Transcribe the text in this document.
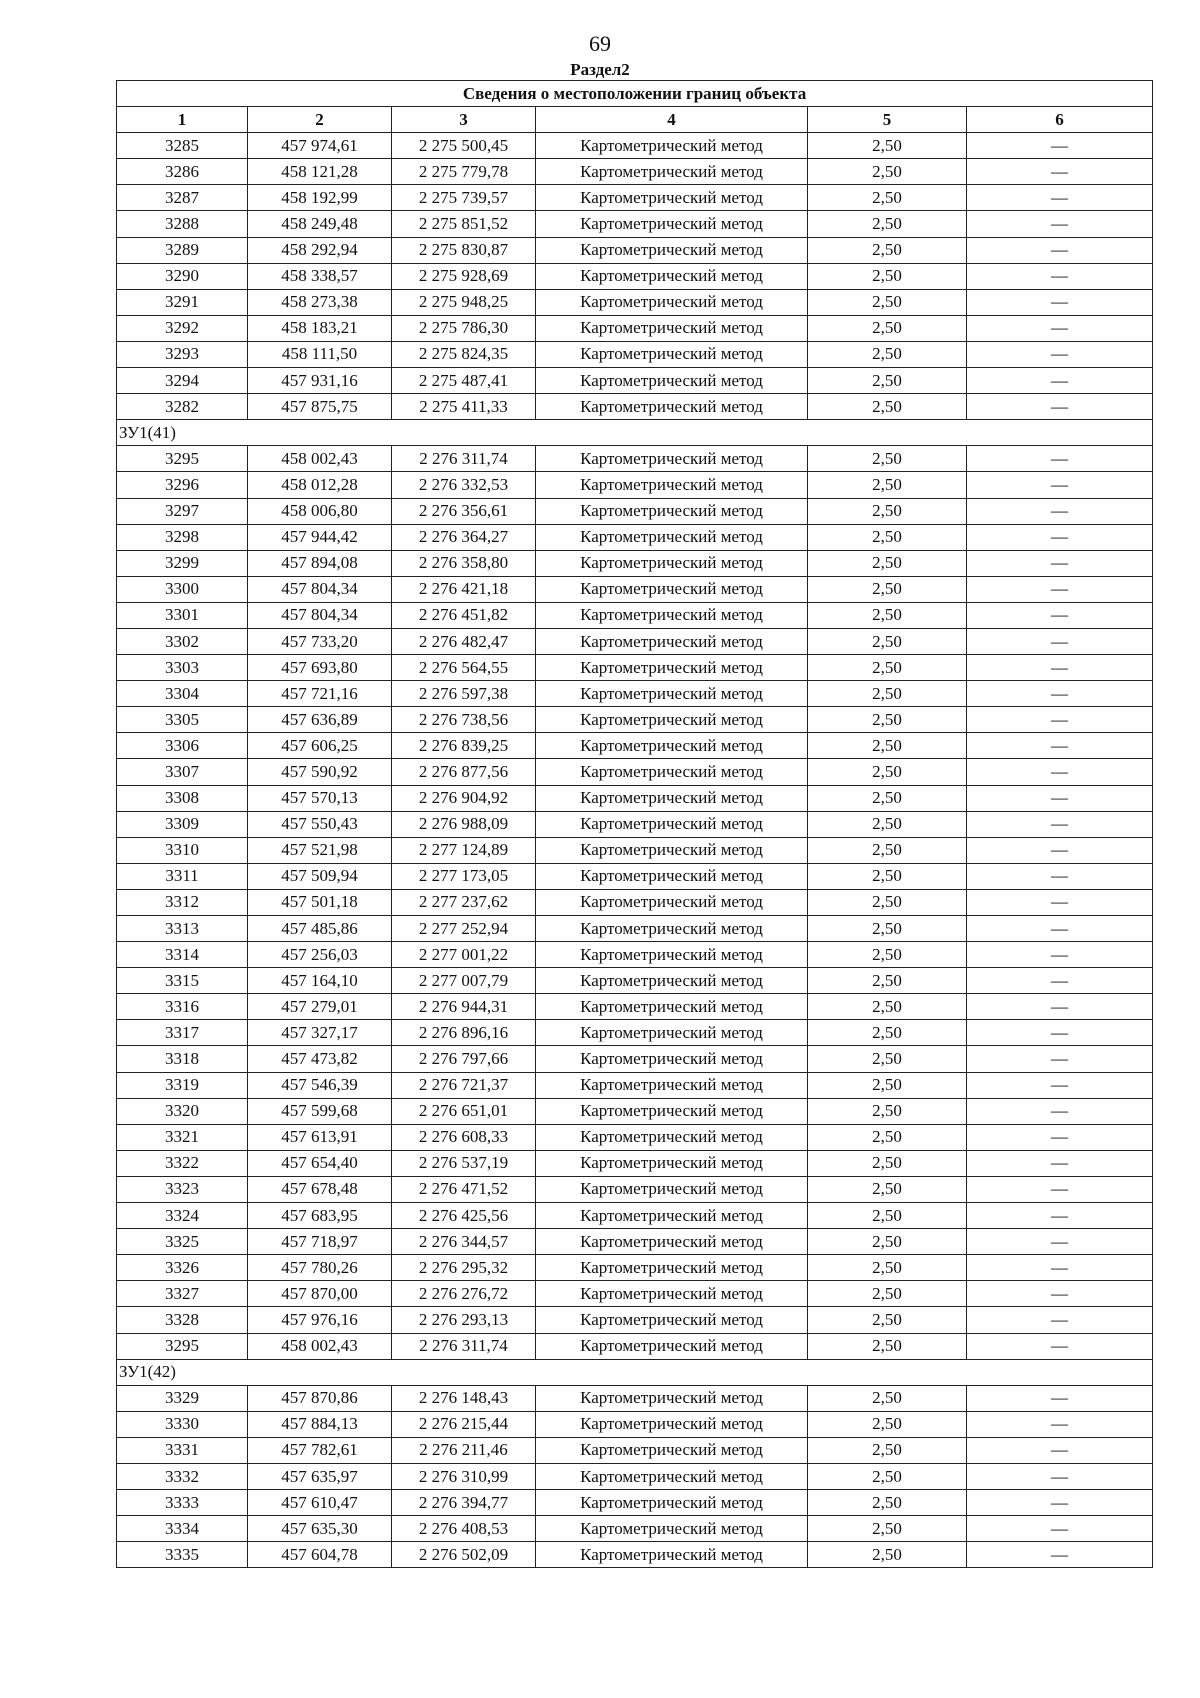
69
Раздел2
Сведения о местоположении границ объекта					
1	2	3	4	5	6
3285	457 974,61	2 275 500,45	Картометрический метод	2,50	—
3286	458 121,28	2 275 779,78	Картометрический метод	2,50	—
3287	458 192,99	2 275 739,57	Картометрический метод	2,50	—
3288	458 249,48	2 275 851,52	Картометрический метод	2,50	—
3289	458 292,94	2 275 830,87	Картометрический метод	2,50	—
3290	458 338,57	2 275 928,69	Картометрический метод	2,50	—
3291	458 273,38	2 275 948,25	Картометрический метод	2,50	—
3292	458 183,21	2 275 786,30	Картометрический метод	2,50	—
3293	458 111,50	2 275 824,35	Картометрический метод	2,50	—
3294	457 931,16	2 275 487,41	Картометрический метод	2,50	—
3282	457 875,75	2 275 411,33	Картометрический метод	2,50	—
ЗУ1(41)					
3295	458 002,43	2 276 311,74	Картометрический метод	2,50	—
3296	458 012,28	2 276 332,53	Картометрический метод	2,50	—
3297	458 006,80	2 276 356,61	Картометрический метод	2,50	—
3298	457 944,42	2 276 364,27	Картометрический метод	2,50	—
3299	457 894,08	2 276 358,80	Картометрический метод	2,50	—
3300	457 804,34	2 276 421,18	Картометрический метод	2,50	—
3301	457 804,34	2 276 451,82	Картометрический метод	2,50	—
3302	457 733,20	2 276 482,47	Картометрический метод	2,50	—
3303	457 693,80	2 276 564,55	Картометрический метод	2,50	—
3304	457 721,16	2 276 597,38	Картометрический метод	2,50	—
3305	457 636,89	2 276 738,56	Картометрический метод	2,50	—
3306	457 606,25	2 276 839,25	Картометрический метод	2,50	—
3307	457 590,92	2 276 877,56	Картометрический метод	2,50	—
3308	457 570,13	2 276 904,92	Картометрический метод	2,50	—
3309	457 550,43	2 276 988,09	Картометрический метод	2,50	—
3310	457 521,98	2 277 124,89	Картометрический метод	2,50	—
3311	457 509,94	2 277 173,05	Картометрический метод	2,50	—
3312	457 501,18	2 277 237,62	Картометрический метод	2,50	—
3313	457 485,86	2 277 252,94	Картометрический метод	2,50	—
3314	457 256,03	2 277 001,22	Картометрический метод	2,50	—
3315	457 164,10	2 277 007,79	Картометрический метод	2,50	—
3316	457 279,01	2 276 944,31	Картометрический метод	2,50	—
3317	457 327,17	2 276 896,16	Картометрический метод	2,50	—
3318	457 473,82	2 276 797,66	Картометрический метод	2,50	—
3319	457 546,39	2 276 721,37	Картометрический метод	2,50	—
3320	457 599,68	2 276 651,01	Картометрический метод	2,50	—
3321	457 613,91	2 276 608,33	Картометрический метод	2,50	—
3322	457 654,40	2 276 537,19	Картометрический метод	2,50	—
3323	457 678,48	2 276 471,52	Картометрический метод	2,50	—
3324	457 683,95	2 276 425,56	Картометрический метод	2,50	—
3325	457 718,97	2 276 344,57	Картометрический метод	2,50	—
3326	457 780,26	2 276 295,32	Картометрический метод	2,50	—
3327	457 870,00	2 276 276,72	Картометрический метод	2,50	—
3328	457 976,16	2 276 293,13	Картометрический метод	2,50	—
3295	458 002,43	2 276 311,74	Картометрический метод	2,50	—
ЗУ1(42)					
3329	457 870,86	2 276 148,43	Картометрический метод	2,50	—
3330	457 884,13	2 276 215,44	Картометрический метод	2,50	—
3331	457 782,61	2 276 211,46	Картометрический метод	2,50	—
3332	457 635,97	2 276 310,99	Картометрический метод	2,50	—
3333	457 610,47	2 276 394,77	Картометрический метод	2,50	—
3334	457 635,30	2 276 408,53	Картометрический метод	2,50	—
3335	457 604,78	2 276 502,09	Картометрический метод	2,50	—
